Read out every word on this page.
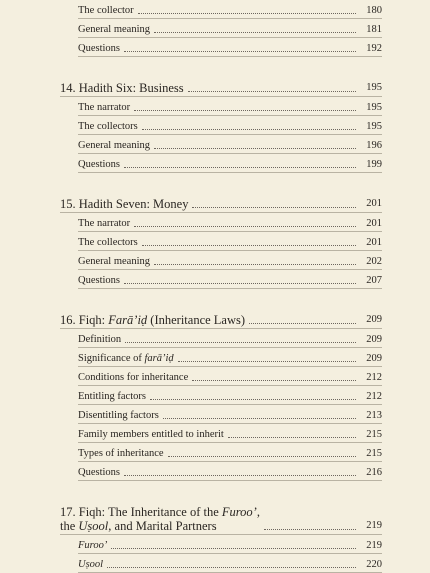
The collector	180
General meaning	181
Questions	192
14. Hadith Six: Business	195
The narrator	195
The collectors	195
General meaning	196
Questions	199
15. Hadith Seven: Money	201
The narrator	201
The collectors	201
General meaning	202
Questions	207
16. Fiqh: Farā’iḍ (Inheritance Laws)	209
Definition	209
Significance of farā’iḍ	209
Conditions for inheritance	212
Entitling factors	212
Disentitling factors	213
Family members entitled to inherit	215
Types of inheritance	215
Questions	216
17. Fiqh: The Inheritance of the Furoo’,
the Uṣool, and Marital Partners	219
Furoo’	219
Uṣool	220
